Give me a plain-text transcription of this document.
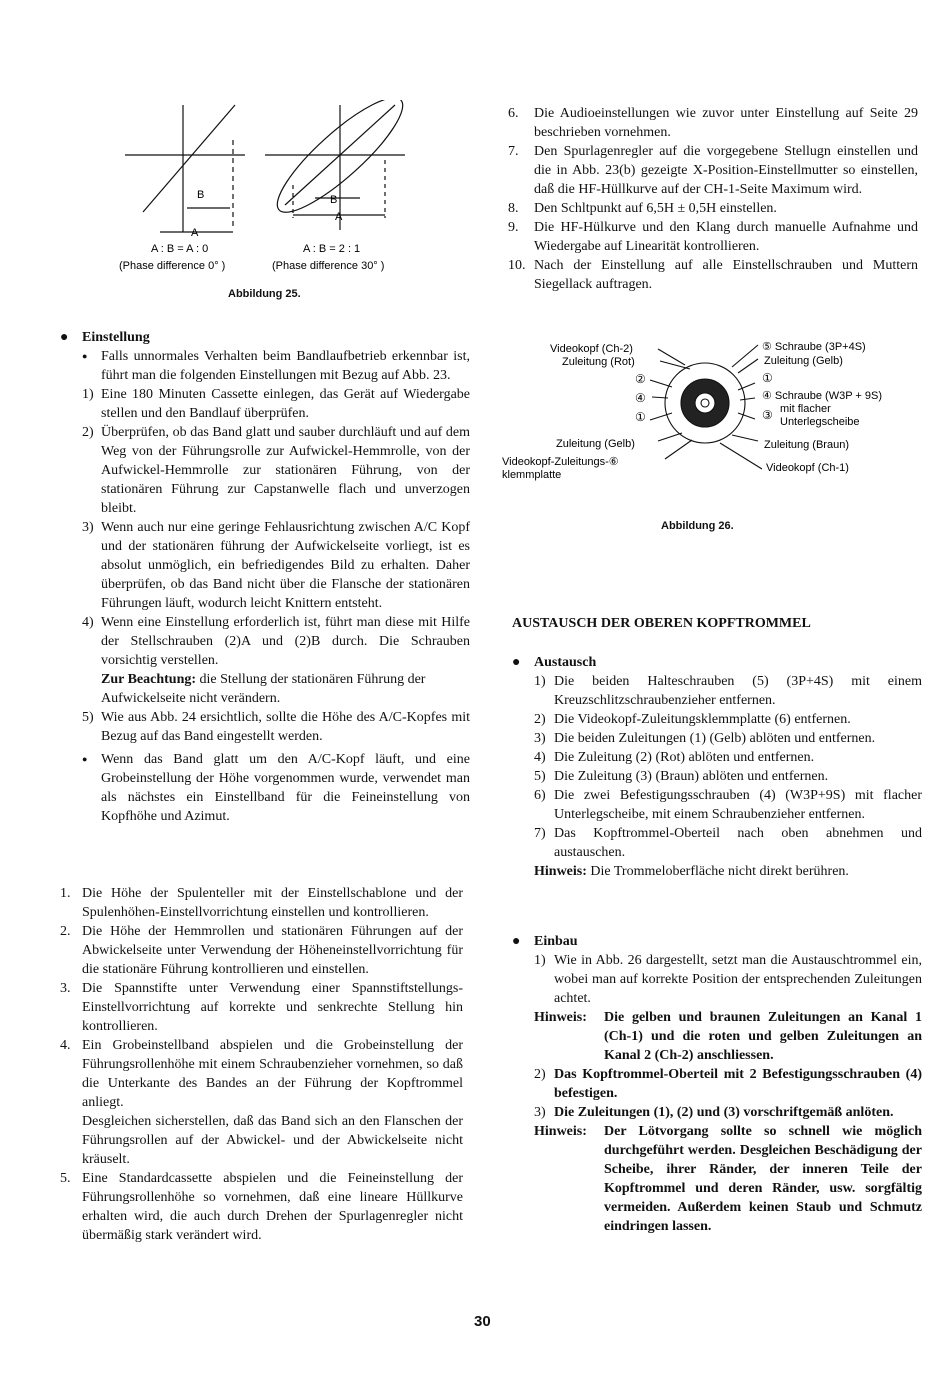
B
A
A : B = A : 0
(Phase difference 0° )
B
A
A : B = 2 : 1
(Phase difference 30° )
Abbildung 25.
● Einstellung
● Falls unnormales Verhalten beim Bandlaufbetrieb erkennbar ist, führt man die folgenden Einstellungen mit Bezug auf Abb. 23.
1) Eine 180 Minuten Cassette einlegen, das Gerät auf Wiedergabe stellen und den Bandlauf überprüfen.
2) Überprüfen, ob das Band glatt und sauber durchläuft und auf dem Weg von der Führungsrolle zur Aufwickel-Hemmrolle, von der Aufwickel-Hemmrolle zur stationären Führung, von der stationären Führung zur Capstanwelle flach und unverzogen bleibt.
3) Wenn auch nur eine geringe Fehlausrichtung zwischen A/C Kopf und der stationären führung der Aufwickelseite vorliegt, ist es absolut unmöglich, ein befriedigendes Bild zu erhalten. Daher überprüfen, ob das Band nicht über die Flansche der stationären Führungen läuft, wodurch leicht Knittern entsteht.
4) Wenn eine Einstellung erforderlich ist, führt man diese mit Hilfe der Stellschrauben (2)A und (2)B durch. Die Schrauben vorsichtig verstellen.
Zur Beachtung: die Stellung der stationären Führung der Aufwickelseite nicht verändern.
5) Wie aus Abb. 24 ersichtlich, sollte die Höhe des A/C-Kopfes mit Bezug auf das Band eingestellt werden.
● Wenn das Band glatt um den A/C-Kopf läuft, und eine Grobeinstellung der Höhe vorgenommen wurde, verwendet man als nächstes ein Einstellband für die Feineinstellung von Kopfhöhe und Azimut.
1. Die Höhe der Spulenteller mit der Einstellschablone und der Spulenhöhen-Einstellvorrichtung einstellen und kontrollieren.
2. Die Höhe der Hemmrollen und stationären Führungen auf der Abwickelseite unter Verwendung der Höheneinstellvorrichtung für die stationäre Führung kontrollieren und einstellen.
3. Die Spannstifte unter Verwendung einer Spannstiftstellungs-Einstellvorrichtung auf korrekte und senkrechte Stellung hin kontrollieren.
4. Ein Grobeinstellband abspielen und die Grobeinstellung der Führungsrollenhöhe mit einem Schraubenzieher vornehmen, so daß die Unterkante des Bandes an der Führung der Kopftrommel anliegt.
Desgleichen sicherstellen, daß das Band sich an den Flanschen der Führungsrollen auf der Abwickel- und der Abwickelseite nicht kräuselt.
5. Eine Standardcassette abspielen und die Feineinstellung der Führungsrollenhöhe so vornehmen, daß eine lineare Hüllkurve erhalten wird, die auch durch Drehen der Spurlagenregler nicht übermäßig stark verändert wird.
6.	Die Audioeinstellungen wie zuvor unter Einstellung auf Seite 29 beschrieben vornehmen.
7.	Den Spurlagenregler auf die vorgegebene Stellugn einstellen und die in Abb. 23(b) gezeigte X-Position-Einstellmutter so einstellen, daß die HF-Hüllkurve auf der CH-1-Seite Maximum wird.
8.	Den Schltpunkt auf 6,5H ± 0,5H einstellen.
9.	Die HF-Hülkurve und den Klang durch manuelle Aufnahme und Wiedergabe auf Linearität kontrollieren.
10. Nach der Einstellung auf alle Einstellschrauben und Muttern Siegellack auftragen.
Videokopf (Ch-2)
Zuleitung (Rot)
②
④
①
Zuleitung (Gelb)
Videokopf-Zuleitungs-⑥
klemmplatte
⑤ Schraube (3P+4S)
Zuleitung (Gelb)
①
④ Schraube (W3P + 9S)
mit flacher
③ Unterlegscheibe
Zuleitung (Braun)
Videokopf (Ch-1)
Abbildung 26.
AUSTAUSCH DER OBEREN KOPFTROMMEL
● Austausch
1) Die beiden Halteschrauben (5) (3P+4S) mit einem Kreuzschlitzschraubenzieher entfernen.
2) Die Videokopf-Zuleitungsklemmplatte (6) entfernen.
3) Die beiden Zuleitungen (1) (Gelb) ablöten und entfernen.
4) Die Zuleitung (2) (Rot) ablöten und entfernen.
5) Die Zuleitung (3) (Braun) ablöten und entfernen.
6) Die zwei Befestigungsschrauben (4) (W3P+9S) mit flacher Unterlegscheibe, mit einem Schraubenzieher entfernen.
7) Das Kopftrommel-Oberteil nach oben abnehmen und austauschen.
Hinweis: Die Trommeloberfläche nicht direkt berühren.
● Einbau
1) Wie in Abb. 26 dargestellt, setzt man die Austauschtrommel ein, wobei man auf korrekte Position der entsprechenden Zuleitungen achtet.
Hinweis:	Die gelben und braunen Zuleitungen an Kanal 1 (Ch-1) und die roten und gelben Zuleitungen an Kanal 2 (Ch-2) anschliessen.
2) Das Kopftrommel-Oberteil mit 2 Befestigungsschrauben (4) befestigen.
3) Die Zuleitungen (1), (2) und (3) vorschriftgemäß anlöten.
Hinweis:	Der Lötvorgang sollte so schnell wie möglich durchgeführt werden. Desgleichen Beschädigung der Scheibe, ihrer Ränder, der inneren Teile der Kopftrommel und deren Ränder, usw. sorgfältig vermeiden. Außerdem keinen Staub und Schmutz eindringen lassen.
30
